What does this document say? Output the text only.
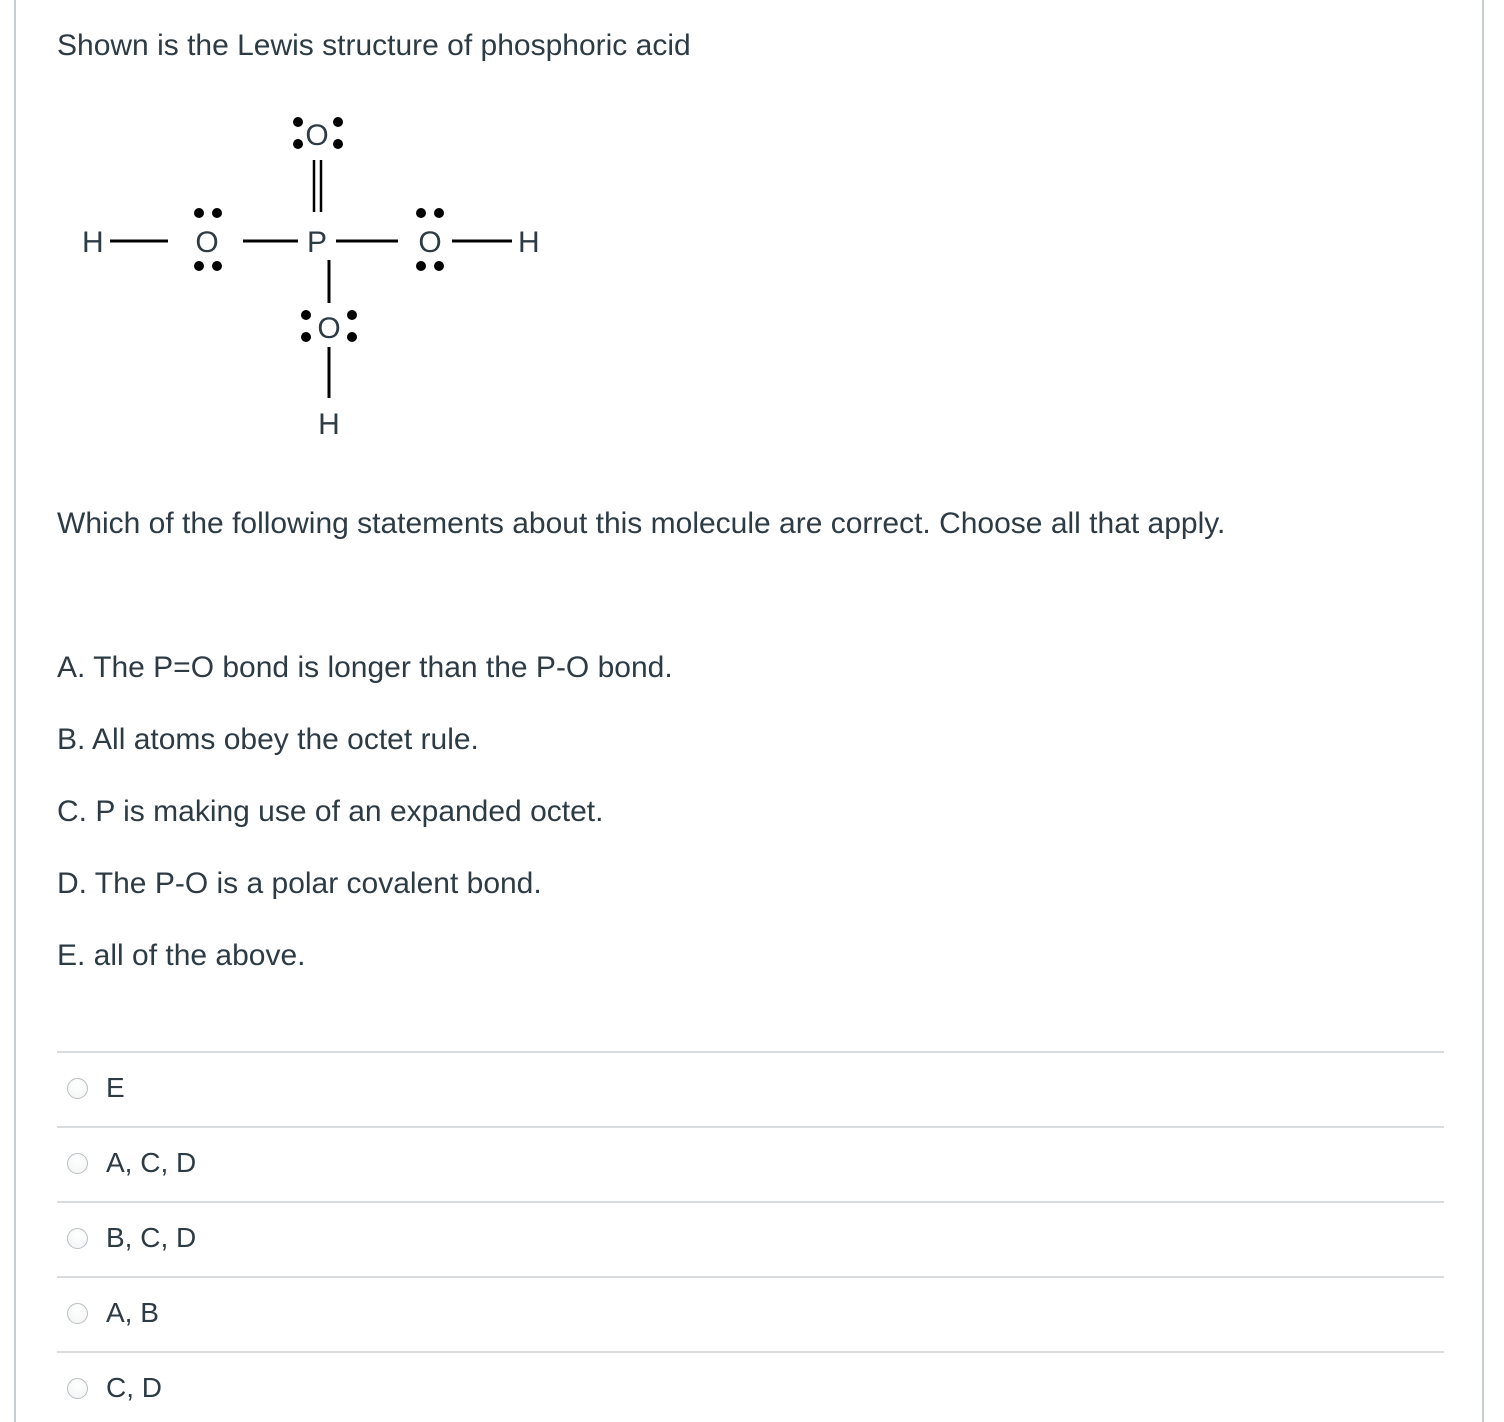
Shown is the Lewis structure of phosphoric acid

O
H	O	P	O	H
O
H

Which of the following statements about this molecule are correct. Choose all that apply.

A. The P=O bond is longer than the P-O bond.
B. All atoms obey the octet rule.
C. P is making use of an expanded octet.
D. The P-O is a polar covalent bond.
E. all of the above.
E
A, C, D
B, C, D
A, B
C, D
